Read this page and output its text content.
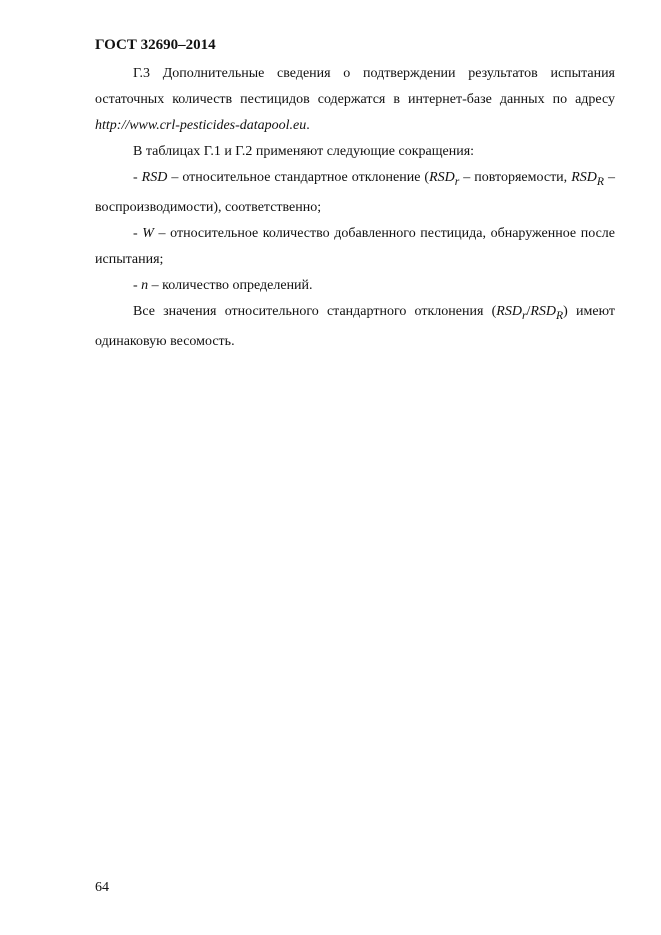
ГОСТ 32690–2014

Г.3 Дополнительные сведения о подтверждении результатов испытания остаточных количеств пестицидов содержатся в интернет-базе данных по адресу http://www.crl-pesticides-datapool.eu.

В таблицах Г.1 и Г.2 применяют следующие сокращения:

- RSD – относительное стандартное отклонение ($RSD_r$ – повторяемости, $RSD_R$ – воспроизводимости), соответственно;

- W – относительное количество добавленного пестицида, обнаруженное после испытания;

- n – количество определений.

Все значения относительного стандартного отклонения $(RSD_r/RSD_R)$ имеют одинаковую весомость.

64
